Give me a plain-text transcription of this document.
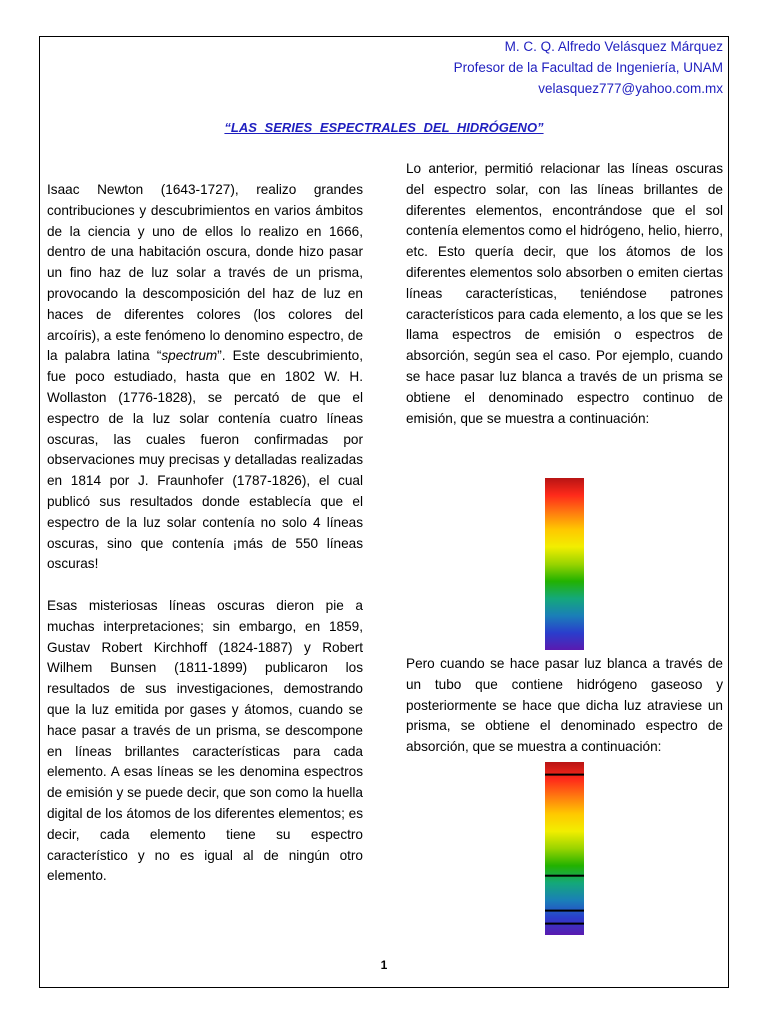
M. C. Q. Alfredo Velásquez Márquez
Profesor de la Facultad de Ingeniería, UNAM
velasquez777@yahoo.com.mx
“LAS SERIES ESPECTRALES DEL HIDRÓGENO”

Isaac Newton (1643-1727), realizo grandes contribuciones y descubrimientos en varios ámbitos de la ciencia y uno de ellos lo realizo en 1666, dentro de una habitación oscura, donde hizo pasar un fino haz de luz solar a través de un prisma, provocando la descomposición del haz de luz en haces de diferentes colores (los colores del arcoíris), a este fenómeno lo denomino espectro, de la palabra latina “spectrum”. Este descubrimiento, fue poco estudiado, hasta que en 1802 W. H. Wollaston (1776-1828), se percató de que el espectro de la luz solar contenía cuatro líneas oscuras, las cuales fueron confirmadas por observaciones muy precisas y detalladas realizadas en 1814 por J. Fraunhofer (1787-1826), el cual publicó sus resultados donde establecía que el espectro de la luz solar contenía no solo 4 líneas oscuras, sino que contenía ¡más de 550 líneas oscuras!

Esas misteriosas líneas oscuras dieron pie a muchas interpretaciones; sin embargo, en 1859, Gustav Robert Kirchhoff (1824-1887) y Robert Wilhem Bunsen (1811-1899) publicaron los resultados de sus investigaciones, demostrando que la luz emitida por gases y átomos, cuando se hace pasar a través de un prisma, se descompone en líneas brillantes características para cada elemento. A esas líneas se les denomina espectros de emisión y se puede decir, que son como la huella digital de los átomos de los diferentes elementos; es decir, cada elemento tiene su espectro característico y no es igual al de ningún otro elemento.

Lo anterior, permitió relacionar las líneas oscuras del espectro solar, con las líneas brillantes de diferentes elementos, encontrándose que el sol contenía elementos como el hidrógeno, helio, hierro, etc. Esto quería decir, que los átomos de los diferentes elementos solo absorben o emiten ciertas líneas características, teniéndose patrones característicos para cada elemento, a los que se les llama espectros de emisión o espectros de absorción, según sea el caso. Por ejemplo, cuando se hace pasar luz blanca a través de un prisma se obtiene el denominado espectro continuo de emisión, que se muestra a continuación:

Pero cuando se hace pasar luz blanca a través de un tubo que contiene hidrógeno gaseoso y posteriormente se hace que dicha luz atraviese un prisma, se obtiene el denominado espectro de absorción, que se muestra a continuación:

1
